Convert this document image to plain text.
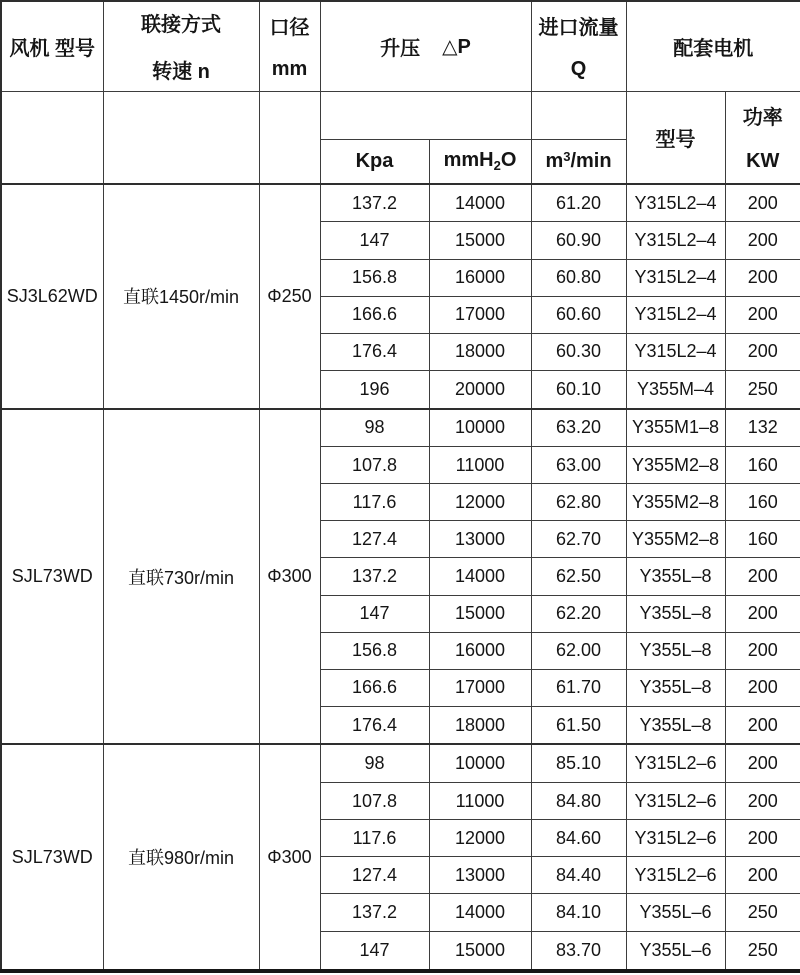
风机 型号	联接方式
转速 n	口径
mm	升压 △P		进口流量
Q	配套电机	
						型号	功率
KW

			Kpa	mmH$_2$O	$m^3/\min$		
SJ3L62WD	直联1450r/min	Φ250	137.2	14000	61.20	Y315L2–4	200
			147	15000	60.90	Y315L2–4	200
			156.8	16000	60.80	Y315L2–4	200
			166.6	17000	60.60	Y315L2–4	200
			176.4	18000	60.30	Y315L2–4	200
			196	20000	60.10	Y355M–4	250
SJL73WD	直联730r/min	Φ300	98	10000	63.20	Y355M1–8	132
			107.8	11000	63.00	Y355M2–8	160
			117.6	12000	62.80	Y355M2–8	160
			127.4	13000	62.70	Y355M2–8	160
			137.2	14000	62.50	Y355L–8	200
			147	15000	62.20	Y355L–8	200
			156.8	16000	62.00	Y355L–8	200
			166.6	17000	61.70	Y355L–8	200
			176.4	18000	61.50	Y355L–8	200
SJL73WD	直联980r/min	Φ300	98	10000	85.10	Y315L2–6	200
			107.8	11000	84.80	Y315L2–6	200
			117.6	12000	84.60	Y315L2–6	200
			127.4	13000	84.40	Y315L2–6	200
			137.2	14000	84.10	Y355L–6	250
			147	15000	83.70	Y355L–6	250
